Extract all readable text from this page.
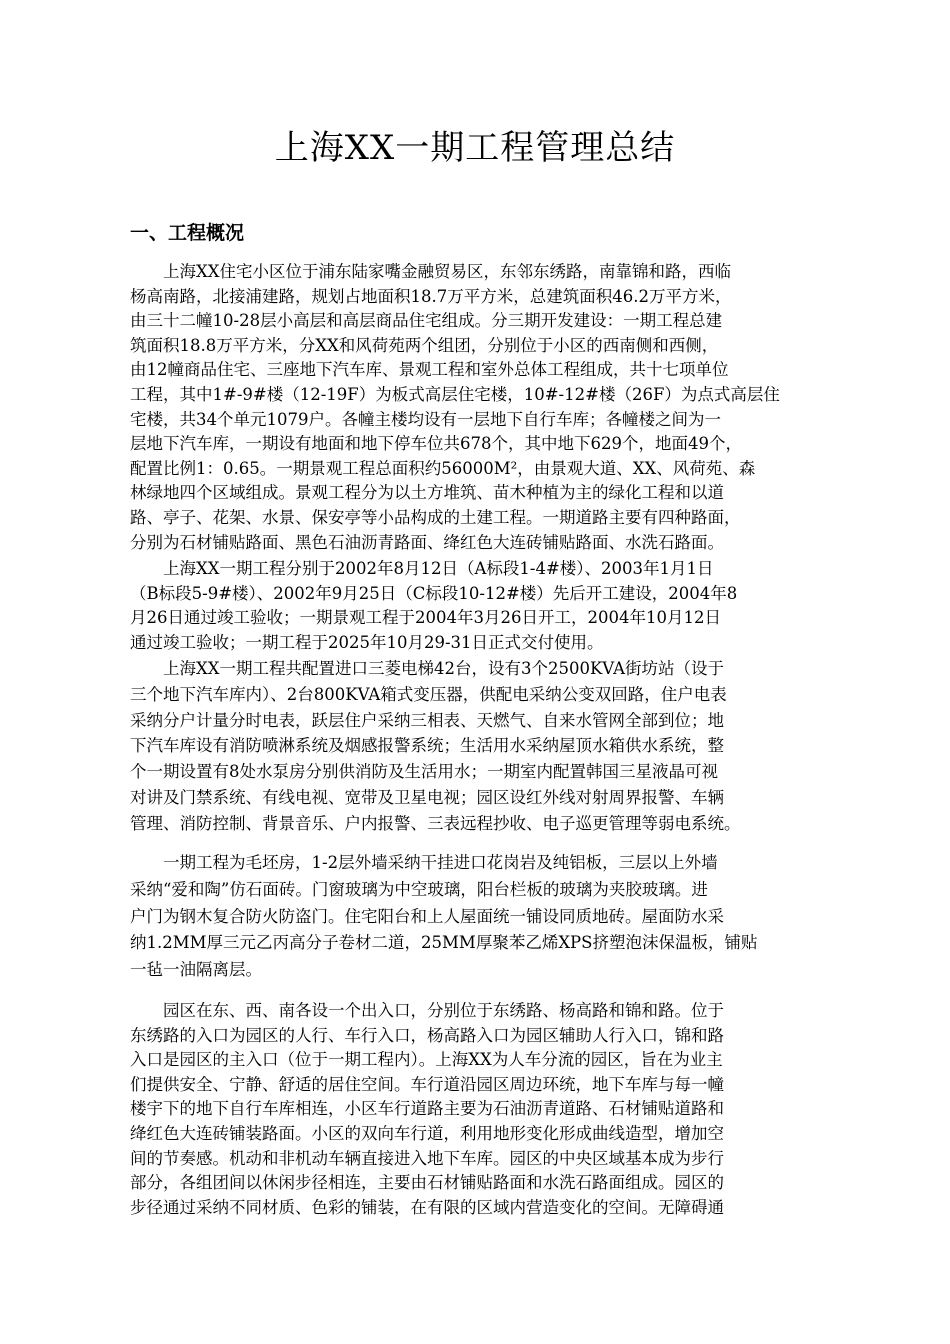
上海XX一期工程管理总结
一、工程概况
　　上海XX住宅小区位于浦东陆家嘴金融贸易区，东邻东绣路，南靠锦和路，西临
杨高南路，北接浦建路，规划占地面积18.7万平方米，总建筑面积46.2万平方米，
由三十二幢10-28层小高层和高层商品住宅组成。分三期开发建设：一期工程总建
筑面积18.8万平方米，分XX和风荷苑两个组团，分别位于小区的西南侧和西侧，
由12幢商品住宅、三座地下汽车库、景观工程和室外总体工程组成，共十七项单位
工程，其中1#-9#楼（12-19F）为板式高层住宅楼，10#-12#楼（26F）为点式高层住
宅楼，共34个单元1079户。各幢主楼均设有一层地下自行车库；各幢楼之间为一
层地下汽车库，一期设有地面和地下停车位共678个，其中地下629个，地面49个，
配置比例1：0.65。一期景观工程总面积约56000M²，由景观大道、XX、风荷苑、森
林绿地四个区域组成。景观工程分为以土方堆筑、苗木种植为主的绿化工程和以道
路、亭子、花架、水景、保安亭等小品构成的土建工程。一期道路主要有四种路面，
分别为石材铺贴路面、黑色石油沥青路面、绛红色大连砖铺贴路面、水洗石路面。
　　上海XX一期工程分别于2002年8月12日（A标段1-4#楼）、2003年1月1日
（B标段5-9#楼）、2002年9月25日（C标段10-12#楼）先后开工建设，2004年8
月26日通过竣工验收；一期景观工程于2004年3月26日开工，2004年10月12日
通过竣工验收；一期工程于2025年10月29-31日正式交付使用。
　　上海XX一期工程共配置进口三菱电梯42台，设有3个2500KVA街坊站（设于
三个地下汽车库内）、2台800KVA箱式变压器，供配电采纳公变双回路，住户电表
采纳分户计量分时电表，跃层住户采纳三相表、天燃气、自来水管网全部到位；地
下汽车库设有消防喷淋系统及烟感报警系统；生活用水采纳屋顶水箱供水系统，整
个一期设置有8处水泵房分别供消防及生活用水；一期室内配置韩国三星液晶可视
对讲及门禁系统、有线电视、宽带及卫星电视；园区设红外线对射周界报警、车辆
管理、消防控制、背景音乐、户内报警、三表远程抄收、电子巡更管理等弱电系统。
　　一期工程为毛坯房，1-2层外墙采纳干挂进口花岗岩及纯铝板，三层以上外墙
采纳“爱和陶”仿石面砖。门窗玻璃为中空玻璃，阳台栏板的玻璃为夹胶玻璃。进
户门为钢木复合防火防盗门。住宅阳台和上人屋面统一铺设同质地砖。屋面防水采
纳1.2MM厚三元乙丙高分子卷材二道，25MM厚聚苯乙烯XPS挤塑泡沫保温板，铺贴
一毡一油隔离层。
　　园区在东、西、南各设一个出入口，分别位于东绣路、杨高路和锦和路。位于
东绣路的入口为园区的人行、车行入口，杨高路入口为园区辅助人行入口，锦和路
入口是园区的主入口（位于一期工程内）。上海XX为人车分流的园区，旨在为业主
们提供安全、宁静、舒适的居住空间。车行道沿园区周边环统，地下车库与每一幢
楼宇下的地下自行车库相连，小区车行道路主要为石油沥青道路、石材铺贴道路和
绛红色大连砖铺装路面。小区的双向车行道，利用地形变化形成曲线造型，增加空
间的节奏感。机动和非机动车辆直接进入地下车库。园区的中央区域基本成为步行
部分，各组团间以休闲步径相连，主要由石材铺贴路面和水洗石路面组成。园区的
步径通过采纳不同材质、色彩的铺装，在有限的区域内营造变化的空间。无障碍通
